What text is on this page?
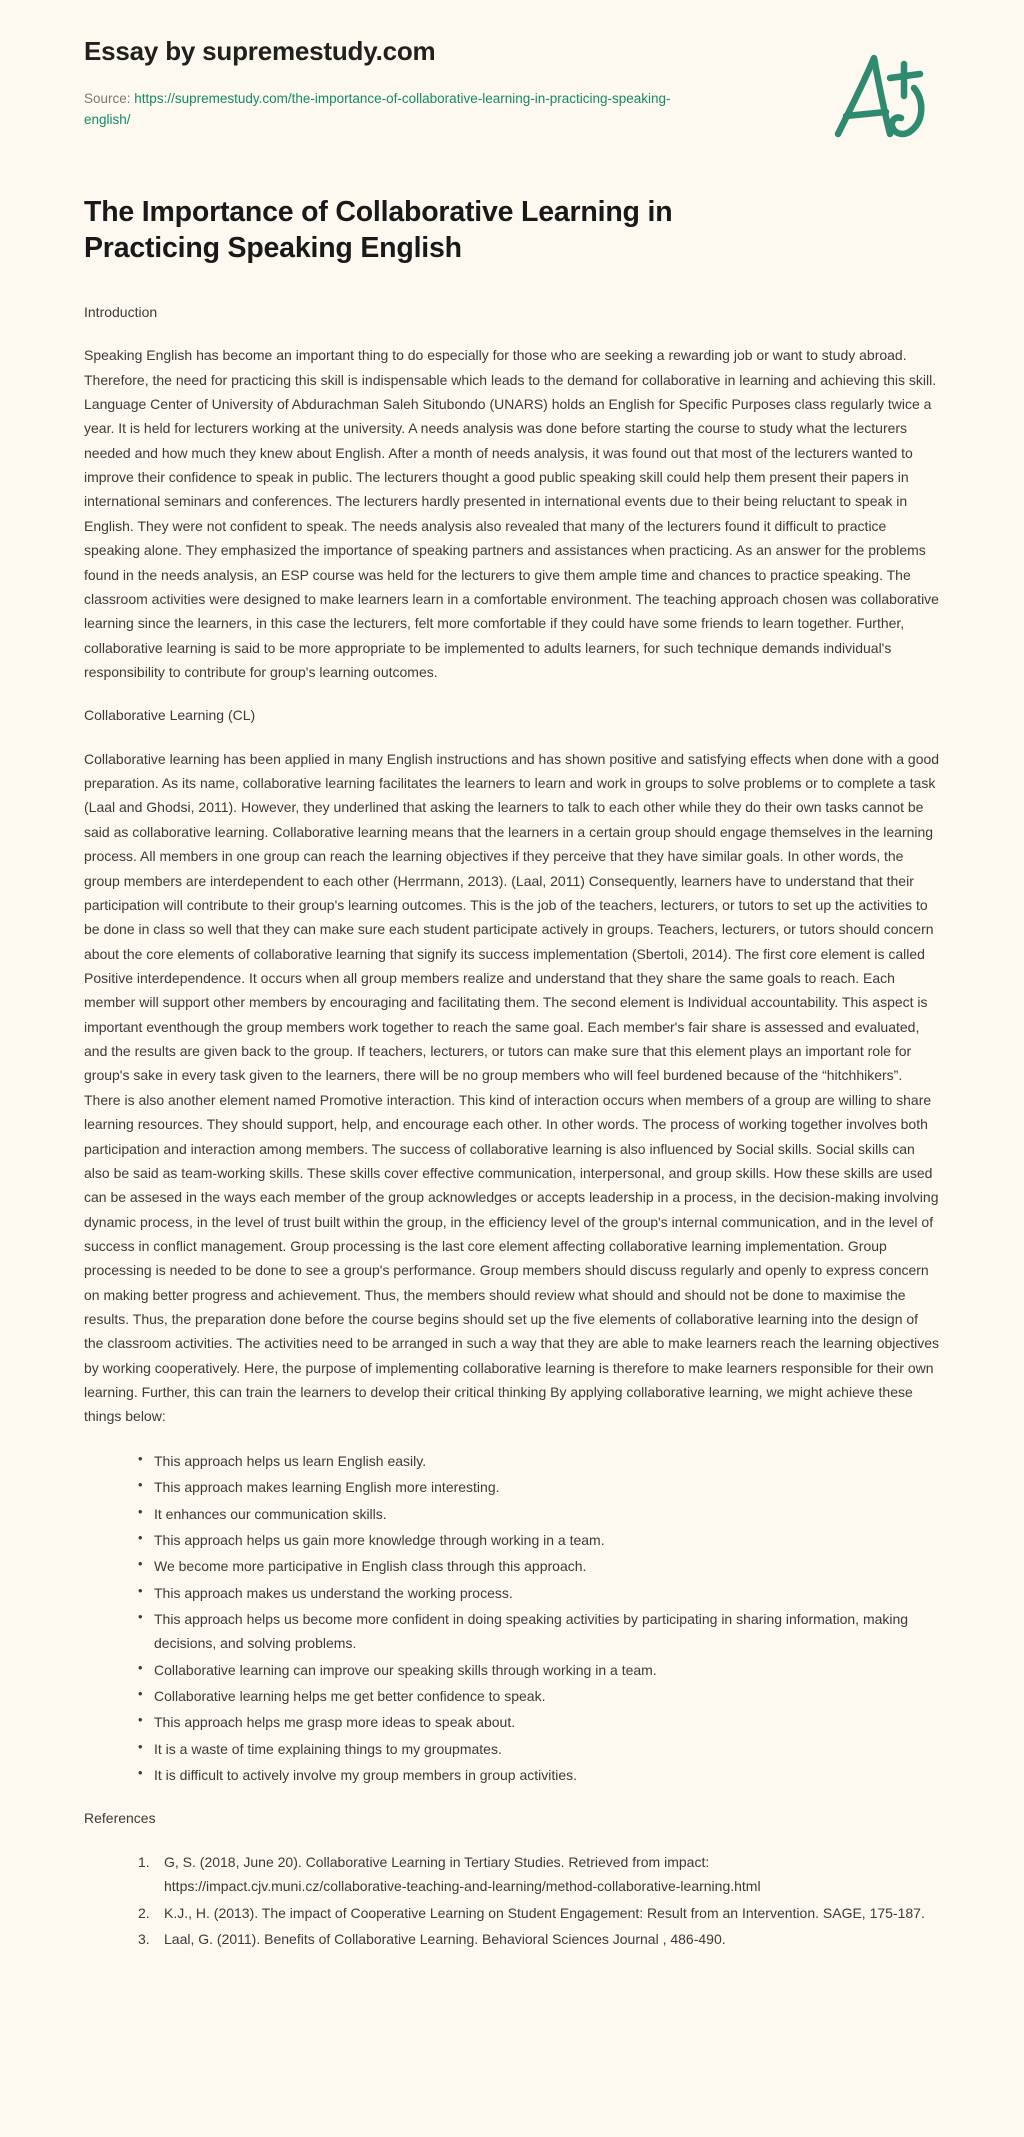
Essay by supremestudy.com
Source: https://supremestudy.com/the-importance-of-collaborative-learning-in-practicing-speaking-english/
The Importance of Collaborative Learning in Practicing Speaking English

Introduction

Speaking English has become an important thing to do especially for those who are seeking a rewarding job or want to study abroad. Therefore, the need for practicing this skill is indispensable which leads to the demand for collaborative in learning and achieving this skill. Language Center of University of Abdurachman Saleh Situbondo (UNARS) holds an English for Specific Purposes class regularly twice a year. It is held for lecturers working at the university. A needs analysis was done before starting the course to study what the lecturers needed and how much they knew about English. After a month of needs analysis, it was found out that most of the lecturers wanted to improve their confidence to speak in public. The lecturers thought a good public speaking skill could help them present their papers in international seminars and conferences. The lecturers hardly presented in international events due to their being reluctant to speak in English. They were not confident to speak. The needs analysis also revealed that many of the lecturers found it difficult to practice speaking alone. They emphasized the importance of speaking partners and assistances when practicing. As an answer for the problems found in the needs analysis, an ESP course was held for the lecturers to give them ample time and chances to practice speaking. The classroom activities were designed to make learners learn in a comfortable environment. The teaching approach chosen was collaborative learning since the learners, in this case the lecturers, felt more comfortable if they could have some friends to learn together. Further, collaborative learning is said to be more appropriate to be implemented to adults learners, for such technique demands individual's responsibility to contribute for group's learning outcomes.

Collaborative Learning (CL)

Collaborative learning has been applied in many English instructions and has shown positive and satisfying effects when done with a good preparation. As its name, collaborative learning facilitates the learners to learn and work in groups to solve problems or to complete a task (Laal and Ghodsi, 2011). However, they underlined that asking the learners to talk to each other while they do their own tasks cannot be said as collaborative learning. Collaborative learning means that the learners in a certain group should engage themselves in the learning process. All members in one group can reach the learning objectives if they perceive that they have similar goals. In other words, the group members are interdependent to each other (Herrmann, 2013). (Laal, 2011) Consequently, learners have to understand that their participation will contribute to their group's learning outcomes. This is the job of the teachers, lecturers, or tutors to set up the activities to be done in class so well that they can make sure each student participate actively in groups. Teachers, lecturers, or tutors should concern about the core elements of collaborative learning that signify its success implementation (Sbertoli, 2014). The first core element is called Positive interdependence. It occurs when all group members realize and understand that they share the same goals to reach. Each member will support other members by encouraging and facilitating them. The second element is Individual accountability. This aspect is important eventhough the group members work together to reach the same goal. Each member's fair share is assessed and evaluated, and the results are given back to the group. If teachers, lecturers, or tutors can make sure that this element plays an important role for group's sake in every task given to the learners, there will be no group members who will feel burdened because of the “hitchhikers”. There is also another element named Promotive interaction. This kind of interaction occurs when members of a group are willing to share learning resources. They should support, help, and encourage each other. In other words. The process of working together involves both participation and interaction among members. The success of collaborative learning is also influenced by Social skills. Social skills can also be said as team-working skills. These skills cover effective communication, interpersonal, and group skills. How these skills are used can be assesed in the ways each member of the group acknowledges or accepts leadership in a process, in the decision-making involving dynamic process, in the level of trust built within the group, in the efficiency level of the group's internal communication, and in the level of success in conflict management. Group processing is the last core element affecting collaborative learning implementation. Group processing is needed to be done to see a group's performance. Group members should discuss regularly and openly to express concern on making better progress and achievement. Thus, the members should review what should and should not be done to maximise the results. Thus, the preparation done before the course begins should set up the five elements of collaborative learning into the design of the classroom activities. The activities need to be arranged in such a way that they are able to make learners reach the learning objectives by working cooperatively. Here, the purpose of implementing collaborative learning is therefore to make learners responsible for their own learning. Further, this can train the learners to develop their critical thinking By applying collaborative learning, we might achieve these things below:

• This approach helps us learn English easily.
• This approach makes learning English more interesting.
• It enhances our communication skills.
• This approach helps us gain more knowledge through working in a team.
• We become more participative in English class through this approach.
• This approach makes us understand the working process.
• This approach helps us become more confident in doing speaking activities by participating in sharing information, making decisions, and solving problems.
• Collaborative learning can improve our speaking skills through working in a team.
• Collaborative learning helps me get better confidence to speak.
• This approach helps me grasp more ideas to speak about.
• It is a waste of time explaining things to my groupmates.
• It is difficult to actively involve my group members in group activities.

References

G, S. (2018, June 20). Collaborative Learning in Tertiary Studies. Retrieved from impact: https://impact.cjv.muni.cz/collaborative-teaching-and-learning/method-collaborative-learning.html
K.J., H. (2013). The impact of Cooperative Learning on Student Engagement: Result from an Intervention. SAGE, 175-187.
Laal, G. (2011). Benefits of Collaborative Learning. Behavioral Sciences Journal , 486-490.
